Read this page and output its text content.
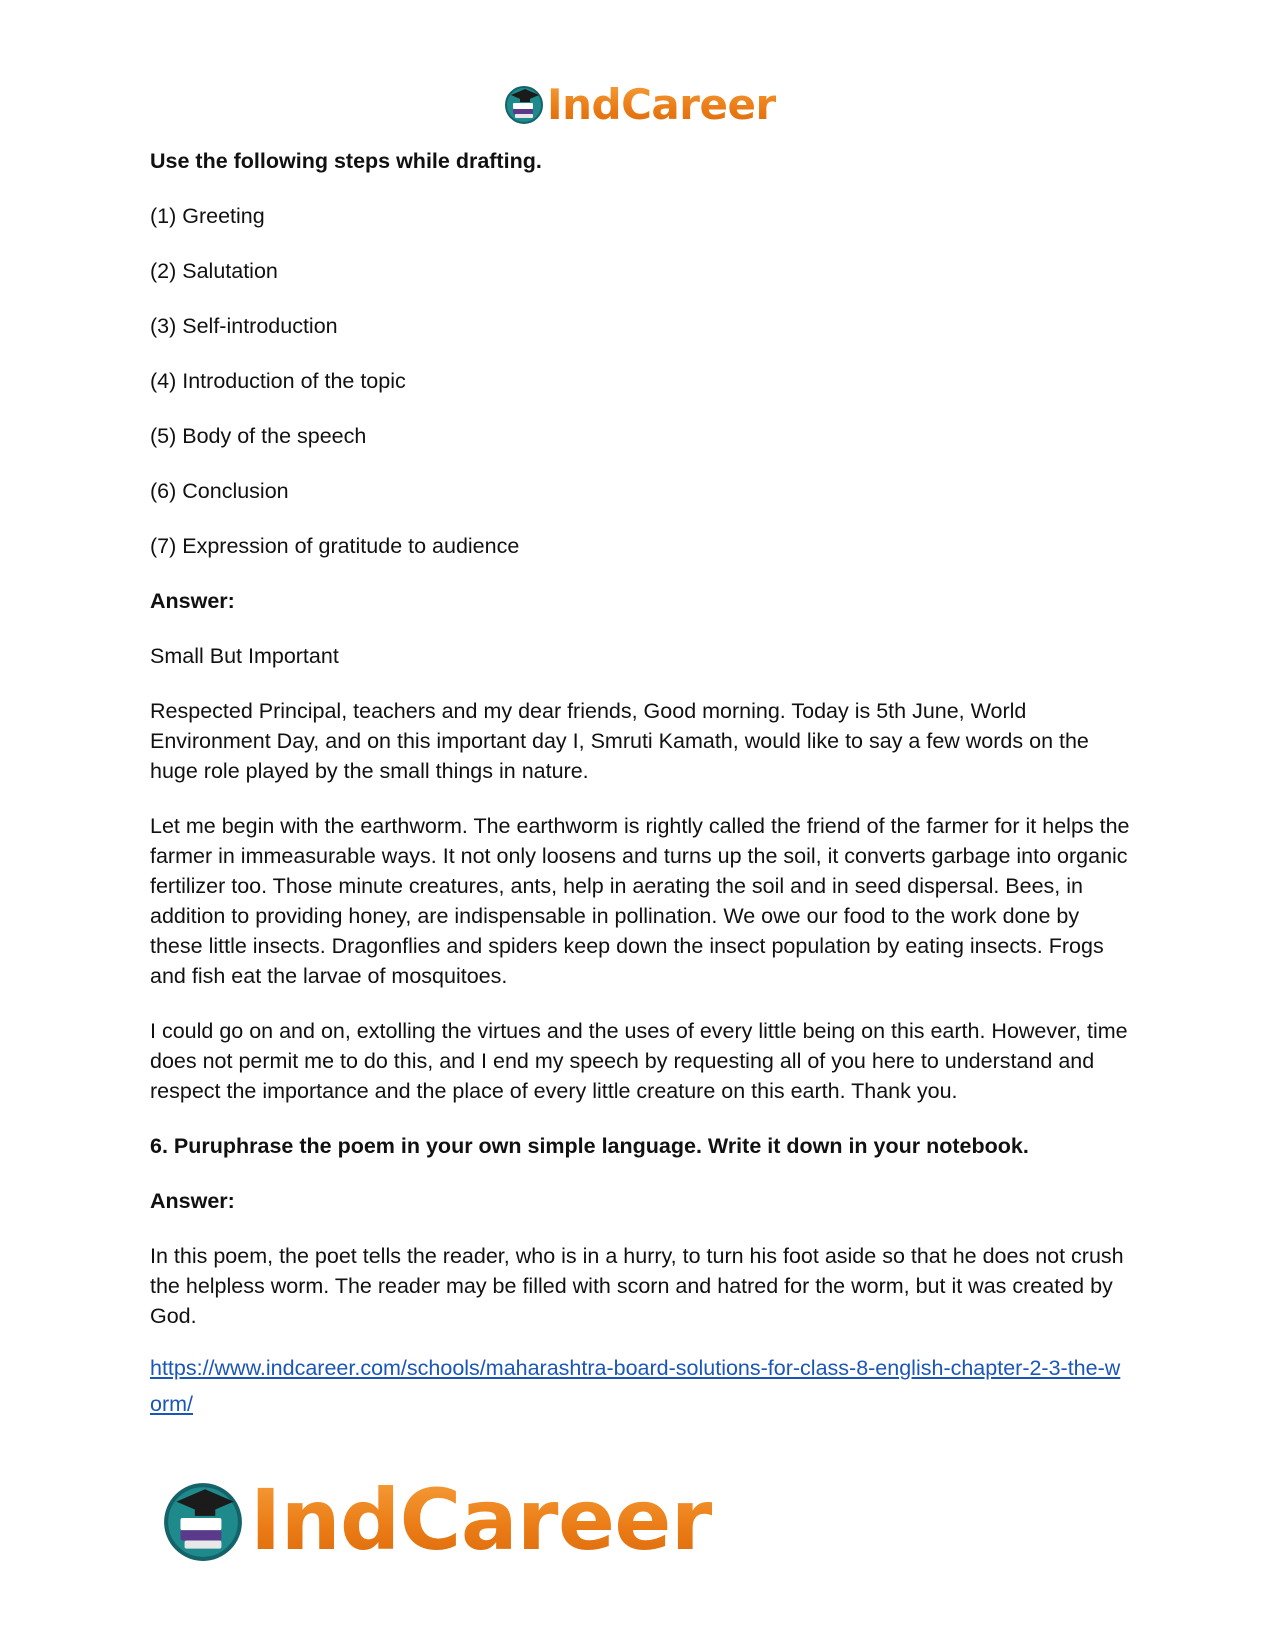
IndCareer

Use the following steps while drafting.

(1) Greeting

(2) Salutation

(3) Self-introduction

(4) Introduction of the topic

(5) Body of the speech

(6) Conclusion

(7) Expression of gratitude to audience

Answer:

Small But Important

Respected Principal, teachers and my dear friends, Good morning. Today is 5th June, World Environment Day, and on this important day I, Smruti Kamath, would like to say a few words on the huge role played by the small things in nature.

Let me begin with the earthworm. The earthworm is rightly called the friend of the farmer for it helps the farmer in immeasurable ways. It not only loosens and turns up the soil, it converts garbage into organic fertilizer too. Those minute creatures, ants, help in aerating the soil and in seed dispersal. Bees, in addition to providing honey, are indispensable in pollination. We owe our food to the work done by these little insects. Dragonflies and spiders keep down the insect population by eating insects. Frogs and fish eat the larvae of mosquitoes.

I could go on and on, extolling the virtues and the uses of every little being on this earth. However, time does not permit me to do this, and I end my speech by requesting all of you here to understand and respect the importance and the place of every little creature on this earth. Thank you.

6. Puruphrase the poem in your own simple language. Write it down in your notebook.

Answer:

In this poem, the poet tells the reader, who is in a hurry, to turn his foot aside so that he does not crush the helpless worm. The reader may be filled with scorn and hatred for the worm, but it was created by God.

https://www.indcareer.com/schools/maharashtra-board-solutions-for-class-8-english-chapter-2-3-the-worm/
IndCareer
